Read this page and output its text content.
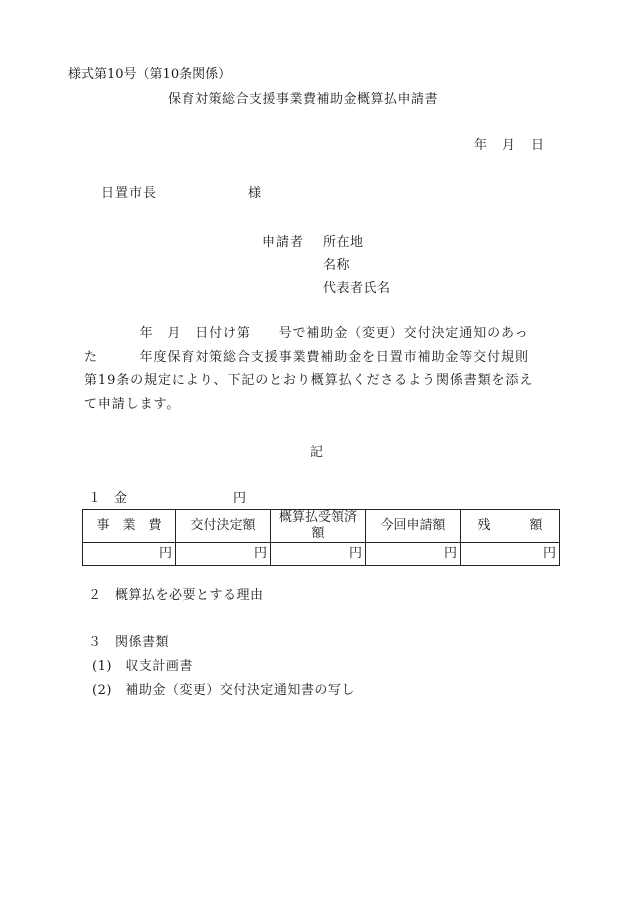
様式第10号（第10条関係）
保育対策総合支援事業費補助金概算払申請書
年 月 日
日置市長	様
申請者 所在地
名称
代表者氏名
　　　　年　月　日付け第　　号で補助金（変更）交付決定通知のあっ
た　　　年度保育対策総合支援事業費補助金を日置市補助金等交付規則
第19条の規定により、下記のとおり概算払くださるよう関係書類を添え
て申請します。
記
１　金	円
事　業　費	交付決定額	概算払受領済額	今回申請額	残　　　額
円	円	円	円	円
２　概算払を必要とする理由
３　関係書類
(1)　収支計画書
(2)　補助金（変更）交付決定通知書の写し
